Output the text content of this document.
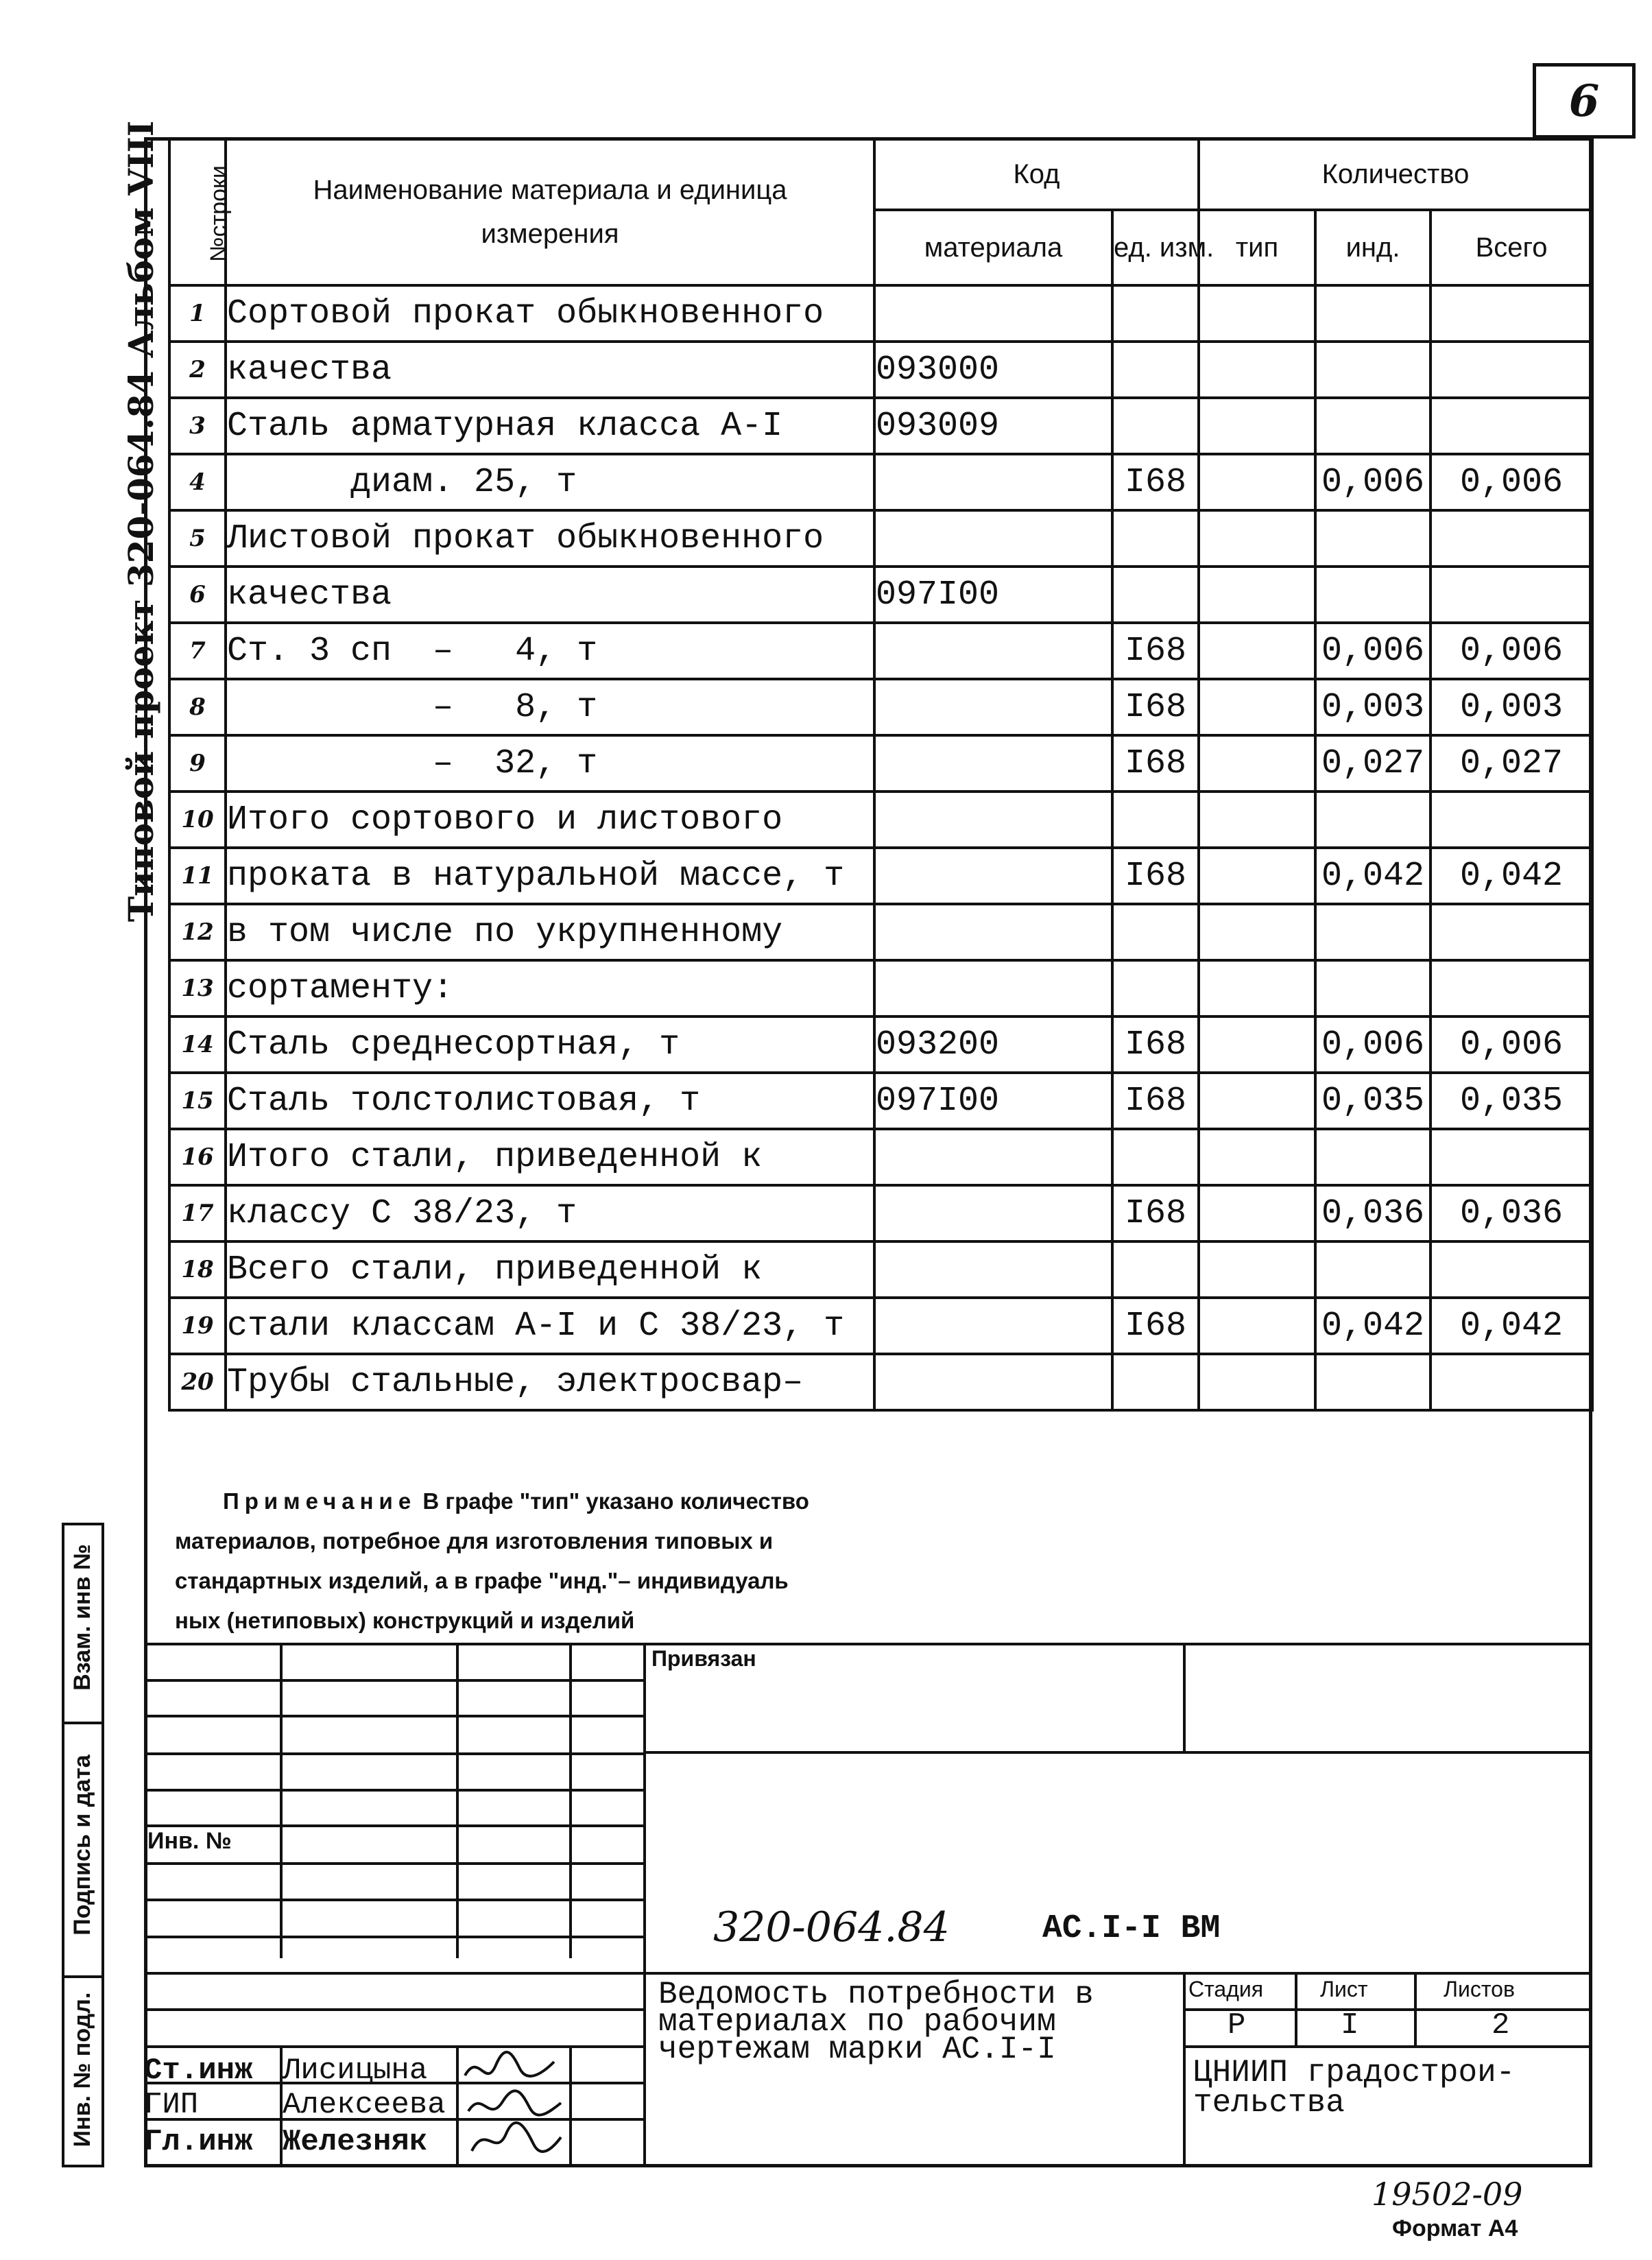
6
Типовой проект 320-064.84 Альбом VIII №строки	Наименование материала и единица измерения	Код		Количество		
		материала	ед. изм.	тип	инд.	Всего
1	Сортовой прокат обыкновенного					
2	качества	093000				
3	Сталь арматурная класса А-I	093009				
4	диам. 25, т		I68		0,006	0,006
5	Листовой прокат обыкновенного					
6	качества	097I00				
7	Ст. 3 сп  –   4, т		I68		0,006	0,006
8	–   8, т		I68		0,003	0,003
9	–  32, т		I68		0,027	0,027
10	Итого сортового и листового					
11	проката в натуральной массе, т		I68		0,042	0,042
12	в том числе по укрупненному					
13	сортаменту:					
14	Сталь среднесортная, т	093200	I68		0,006	0,006
15	Сталь толстолистовая, т	097I00	I68		0,035	0,035
16	Итого стали, приведенной к					
17	классу С 38/23, т		I68		0,036	0,036
18	Всего стали, приведенной к					
19	стали классам А-I и С 38/23, т		I68		0,042	0,042
20	Трубы стальные, электросвар–					
Примечание В графе "тип" указано количество
материалов, потребное для изготовления типовых и
стандартных изделий, а в графе "инд."– индивидуаль
ных (нетиповых) конструкций и изделий
Взам. инв №
Подпись и дата
Инв. № подл.
Инв. №
Привязан
320-064.84	АС.I-I ВМ
Ведомость потребности в
материалах по рабочим
чертежам марки АС.I-I
Стадия	Лист	Листов
Р	I	2
ЦНИИП градострои-
тельства
Ст.инж Лисицына
ГИП	Алексеева
Гл.инж Железняк
19502-09
Формат А4
